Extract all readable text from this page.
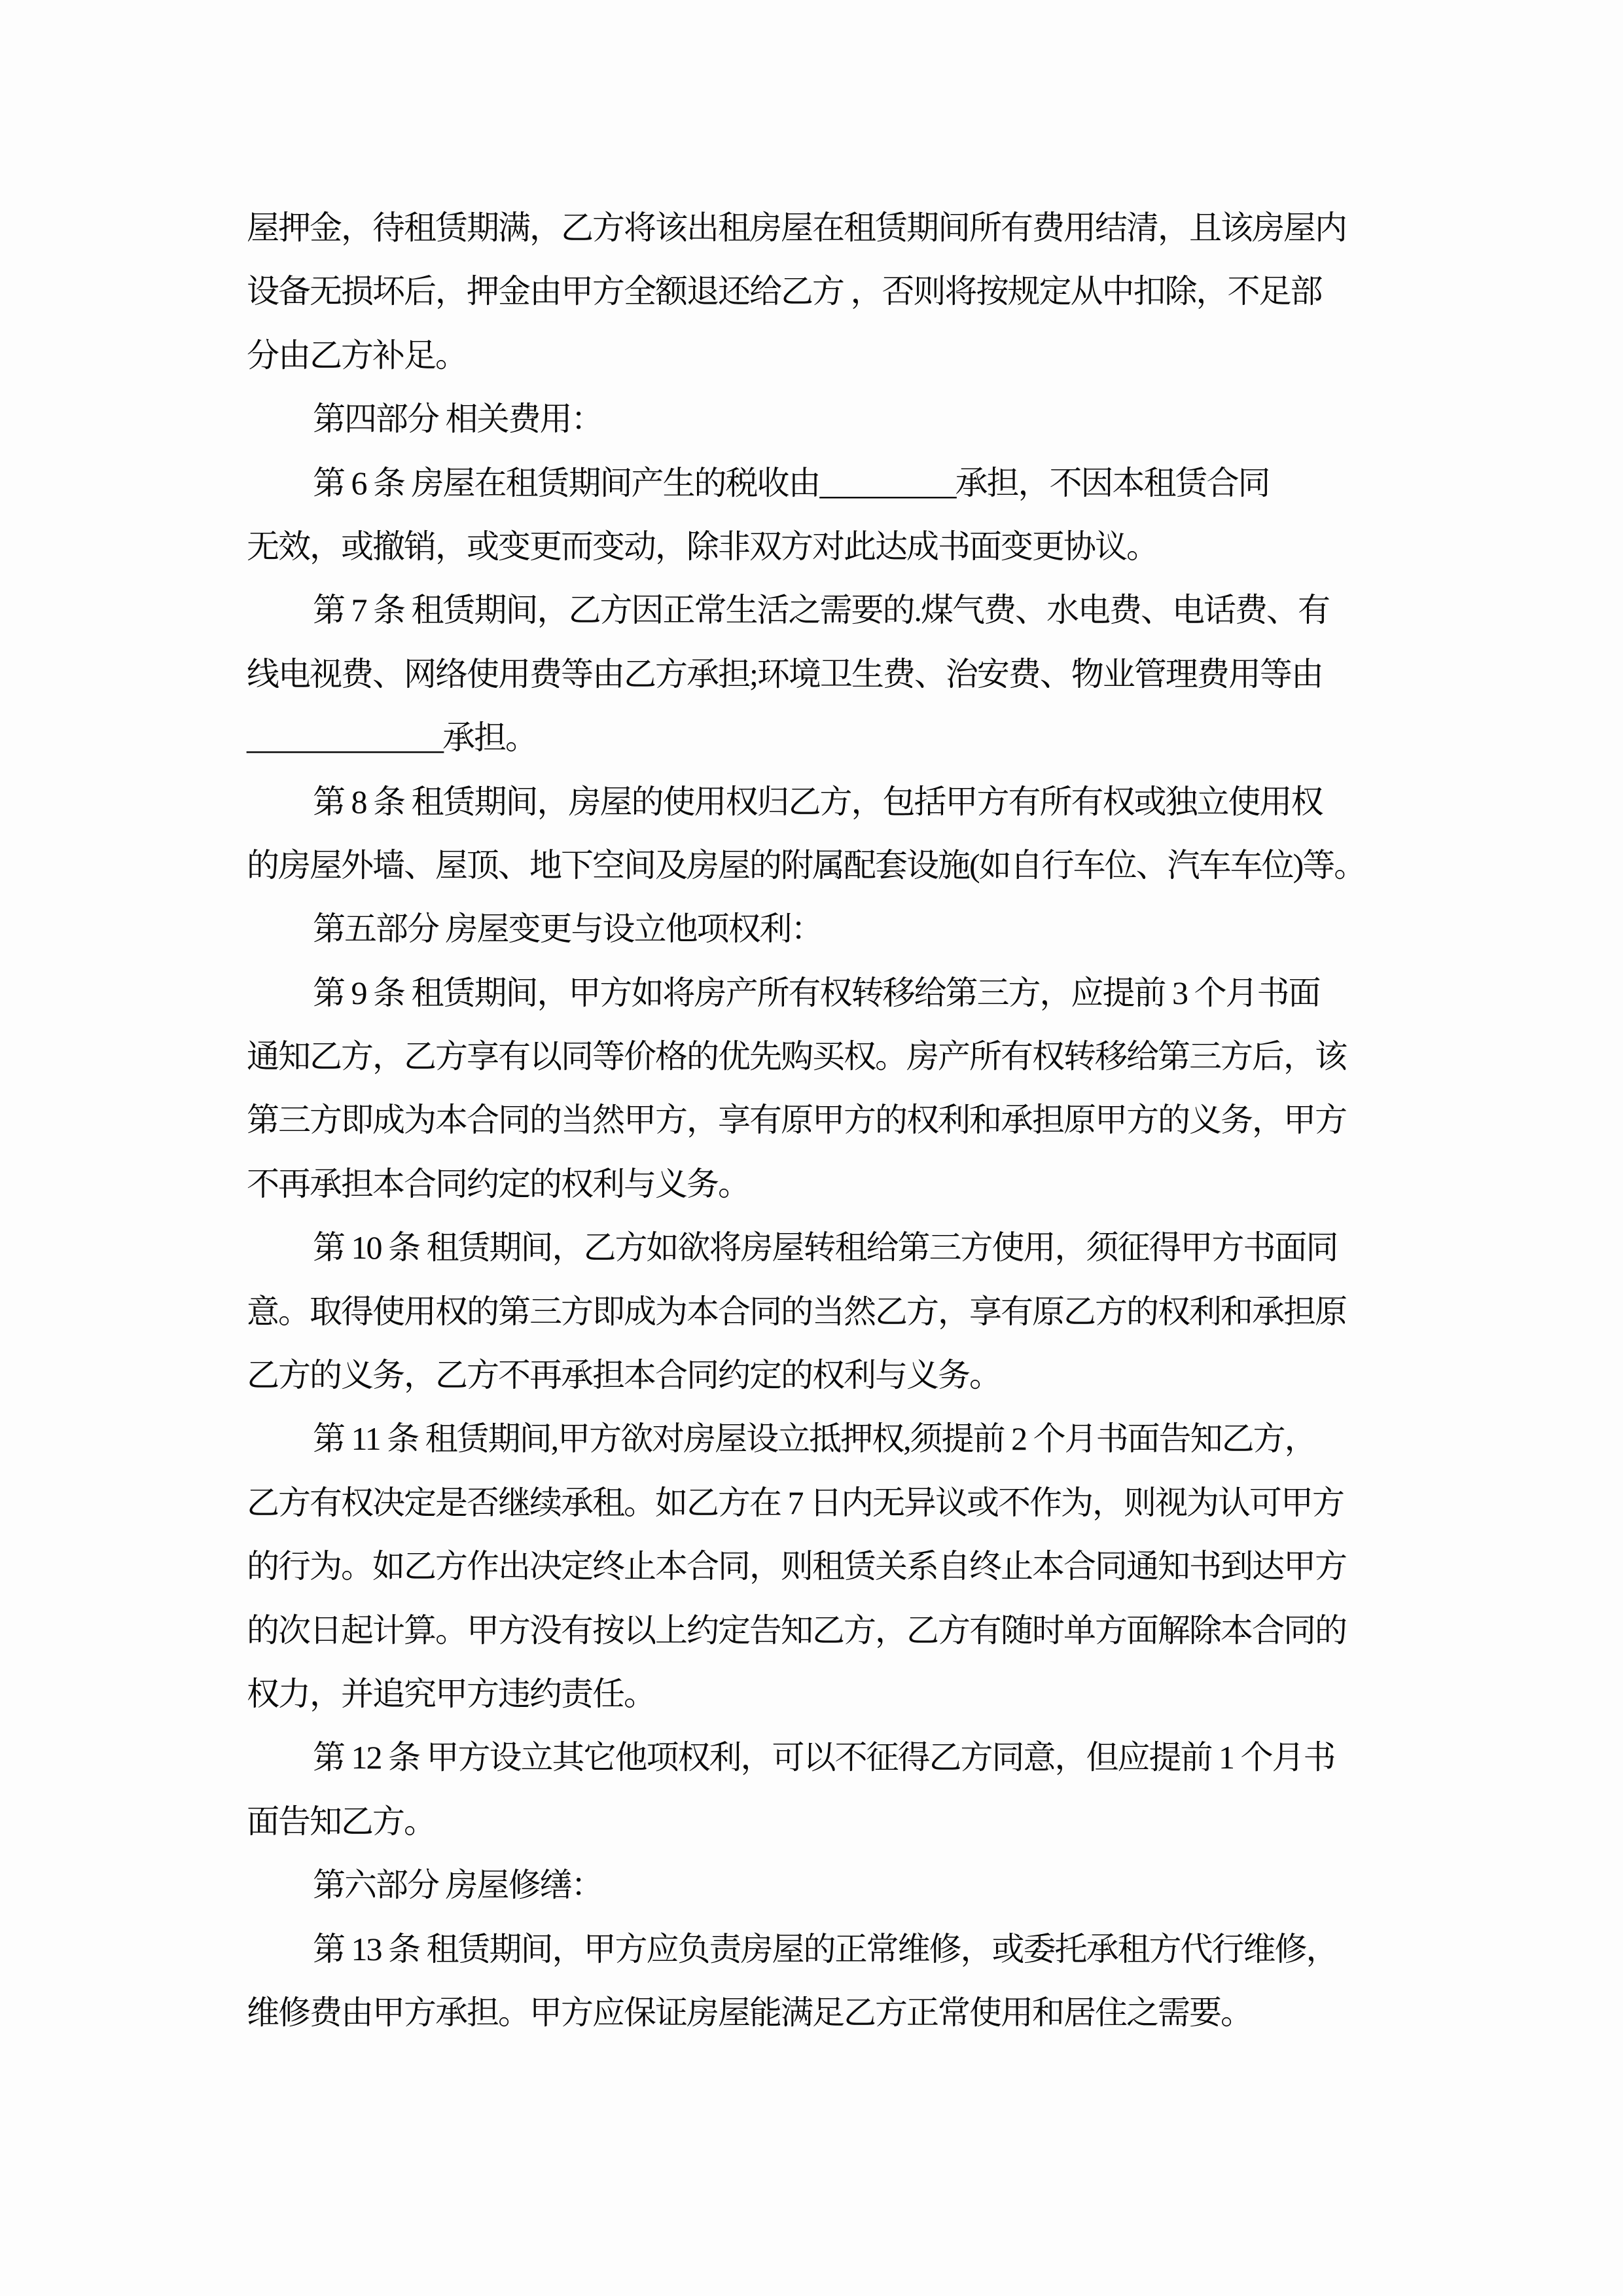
屋押金，待租赁期满，乙方将该出租房屋在租赁期间所有费用结清，且该房屋内
设备无损坏后，押金由甲方全额退还给乙方 ，否则将按规定从中扣除，不足部
分由乙方补足。
第四部分 相关费用：
第 6 条 房屋在租赁期间产生的税收由_________承担，不因本租赁合同
无效，或撤销，或变更而变动，除非双方对此达成书面变更协议。
第 7 条 租赁期间，乙方因正常生活之需要的.煤气费、水电费、电话费、有
线电视费、网络使用费等由乙方承担;环境卫生费、治安费、物业管理费用等由
_____________承担。
第 8 条 租赁期间，房屋的使用权归乙方，包括甲方有所有权或独立使用权
的房屋外墙、屋顶、地下空间及房屋的附属配套设施(如自行车位、汽车车位)等。
第五部分 房屋变更与设立他项权利：
第 9 条 租赁期间，甲方如将房产所有权转移给第三方，应提前 3 个月书面
通知乙方，乙方享有以同等价格的优先购买权。房产所有权转移给第三方后，该
第三方即成为本合同的当然甲方，享有原甲方的权利和承担原甲方的义务，甲方
不再承担本合同约定的权利与义务。
第 10 条 租赁期间，乙方如欲将房屋转租给第三方使用，须征得甲方书面同
意。取得使用权的第三方即成为本合同的当然乙方，享有原乙方的权利和承担原
乙方的义务，乙方不再承担本合同约定的权利与义务。
第 11 条 租赁期间,甲方欲对房屋设立抵押权,须提前 2 个月书面告知乙方，
乙方有权决定是否继续承租。如乙方在 7 日内无异议或不作为，则视为认可甲方
的行为。如乙方作出决定终止本合同，则租赁关系自终止本合同通知书到达甲方
的次日起计算。甲方没有按以上约定告知乙方，乙方有随时单方面解除本合同的
权力，并追究甲方违约责任。
第 12 条 甲方设立其它他项权利，可以不征得乙方同意，但应提前 1 个月书
面告知乙方。
第六部分 房屋修缮：
第 13 条 租赁期间，甲方应负责房屋的正常维修，或委托承租方代行维修，
维修费由甲方承担。甲方应保证房屋能满足乙方正常使用和居住之需要。
